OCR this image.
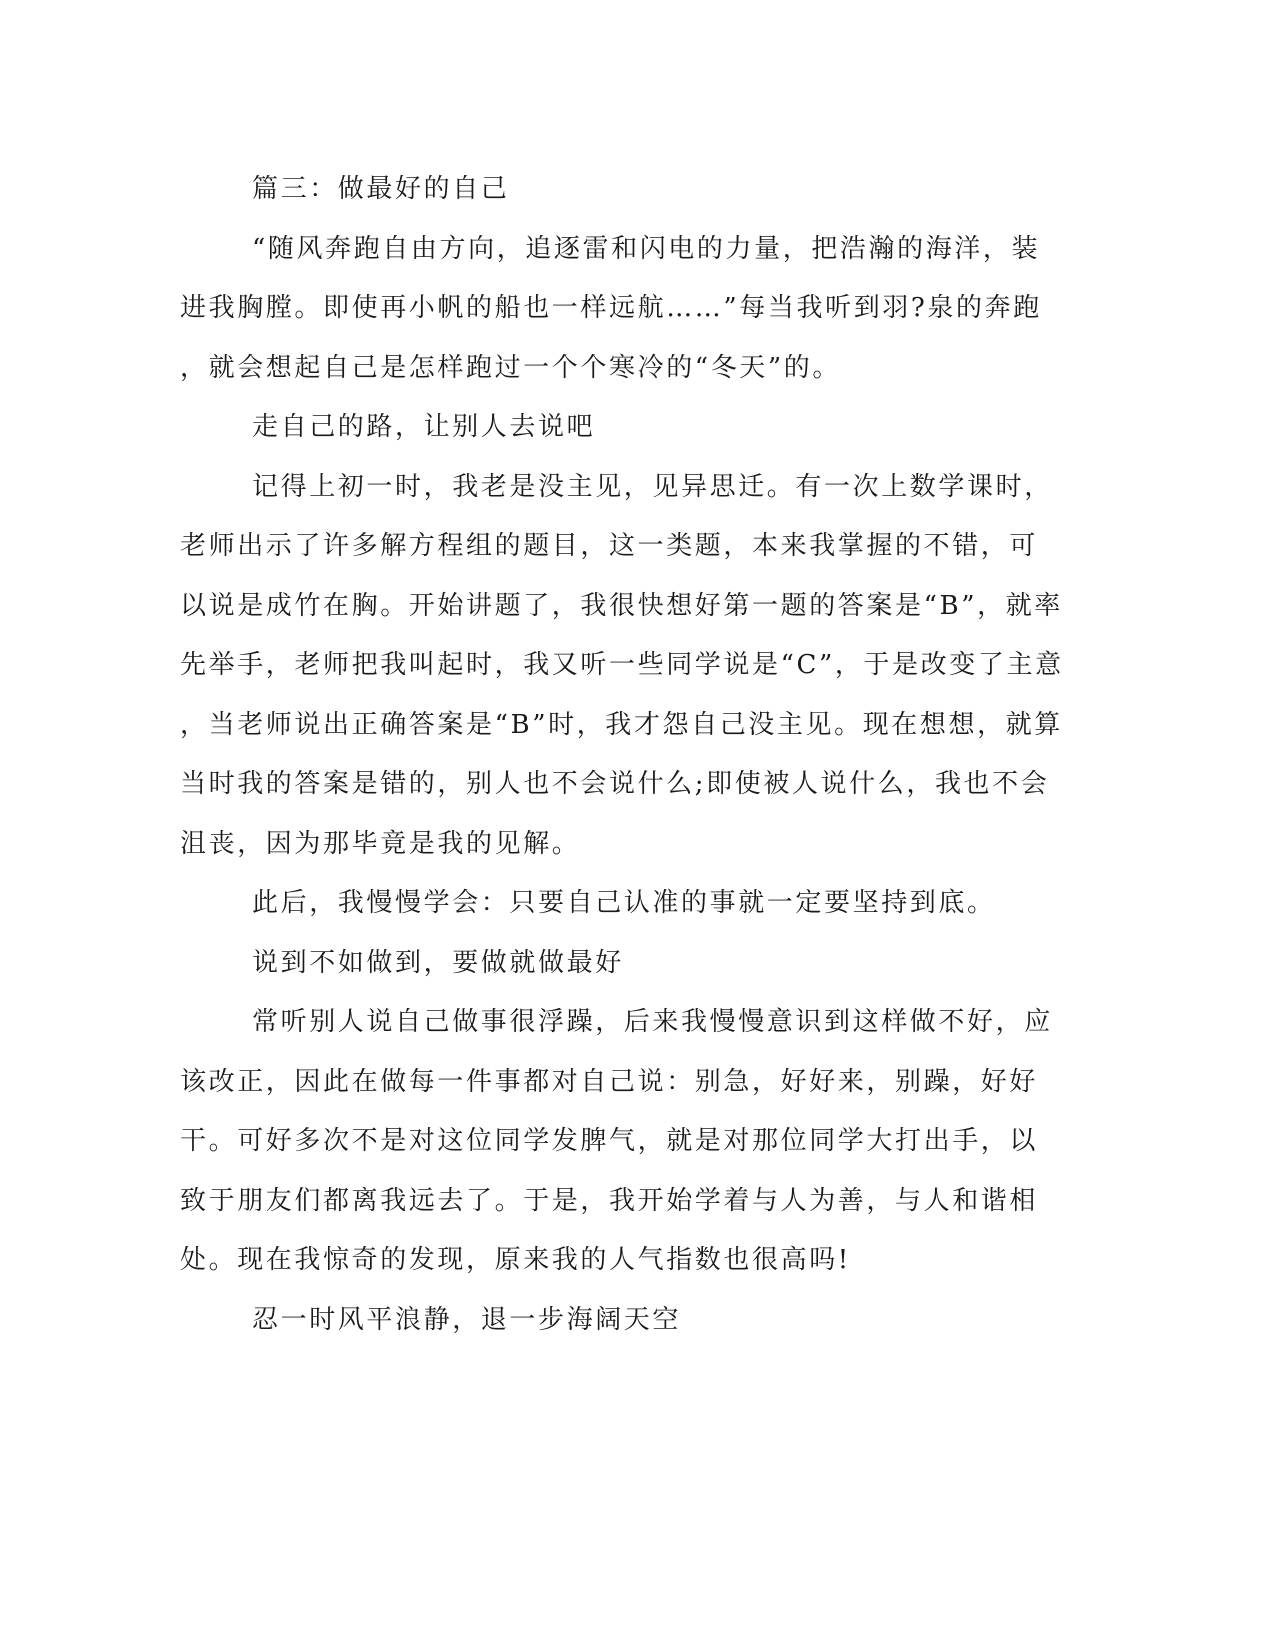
篇三：做最好的自己
“随风奔跑自由方向，追逐雷和闪电的力量，把浩瀚的海洋，装
进我胸膛。即使再小帆的船也一样远航……”每当我听到羽?泉的奔跑
，就会想起自己是怎样跑过一个个寒冷的“冬天”的。
走自己的路，让别人去说吧
记得上初一时，我老是没主见，见异思迁。有一次上数学课时，
老师出示了许多解方程组的题目，这一类题，本来我掌握的不错，可
以说是成竹在胸。开始讲题了，我很快想好第一题的答案是“B”，就率
先举手，老师把我叫起时，我又听一些同学说是“C”，于是改变了主意
，当老师说出正确答案是“B”时，我才怨自己没主见。现在想想，就算
当时我的答案是错的，别人也不会说什么;即使被人说什么，我也不会
沮丧，因为那毕竟是我的见解。
此后，我慢慢学会：只要自己认准的事就一定要坚持到底。
说到不如做到，要做就做最好
常听别人说自己做事很浮躁，后来我慢慢意识到这样做不好，应
该改正，因此在做每一件事都对自己说：别急，好好来，别躁，好好
干。可好多次不是对这位同学发脾气，就是对那位同学大打出手，以
致于朋友们都离我远去了。于是，我开始学着与人为善，与人和谐相
处。现在我惊奇的发现，原来我的人气指数也很高吗!
忍一时风平浪静，退一步海阔天空
